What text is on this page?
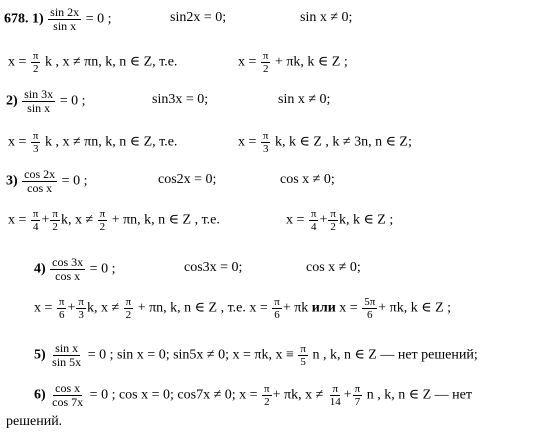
678. $1) \frac{\sin 2x}{\text{sin x}} = 0$ ;	sin2x = 0;	sin x ≠ 0;
$x = \frac{\pi}{2}$ k , x ≠ πn, k, n ∈ Z, т.е.	$x = \frac{\pi}{2} + \pi k$, k ∈ Z ;
$2) \frac{\sin 3x}{\text{sin x}} = 0$ ;	sin3x = 0;	sin x ≠ 0;
$x = \frac{\pi}{3}$ k , x ≠ πn, k, n ∈ Z, т.е.	$x = \frac{\pi}{3} k$, k ∈ Z , k ≠ 3n, n ∈ Z;
$3) \frac{\cos 2x}{\text{cos x}} = 0$ ;	cos2x = 0;	cos x ≠ 0;
$x = \frac{\pi}{4} + \frac{\pi}{2} k$, $x \ne \frac{\pi}{2} + \pi n$, k, n ∈ Z , т.е.	$x = \frac{\pi}{4} + \frac{\pi}{2} k$, k ∈ Z ;
$4) \frac{\cos 3x}{\text{cos x}} = 0$ ;	cos3x = 0;	cos x ≠ 0;
$x = \frac{\pi}{6} + \frac{\pi}{3} k$, $x \ne \frac{\pi}{2} + \pi n$, k, n ∈ Z , т.е. $x = \frac{\pi}{6} + \pi k$ или $x = \frac{5\pi}{6} + \pi k$, k ∈ Z ;
$5) \frac{\text{sin x}}{\sin 5x} = 0$ ; sin x = 0; sin5x ≠ 0; x = πk, $x \equiv \frac{\pi}{5}$ n , k, n ∈ Z — нет решений;
$6) \frac{\text{cos x}}{\cos 7x} = 0$ ; cos x = 0; cos7x ≠ 0; $x = \frac{\pi}{2} + \pi k$, $x \ne \frac{\pi}{14} + \frac{\pi}{7}$ n , k, n ∈ Z — нет
решений.
